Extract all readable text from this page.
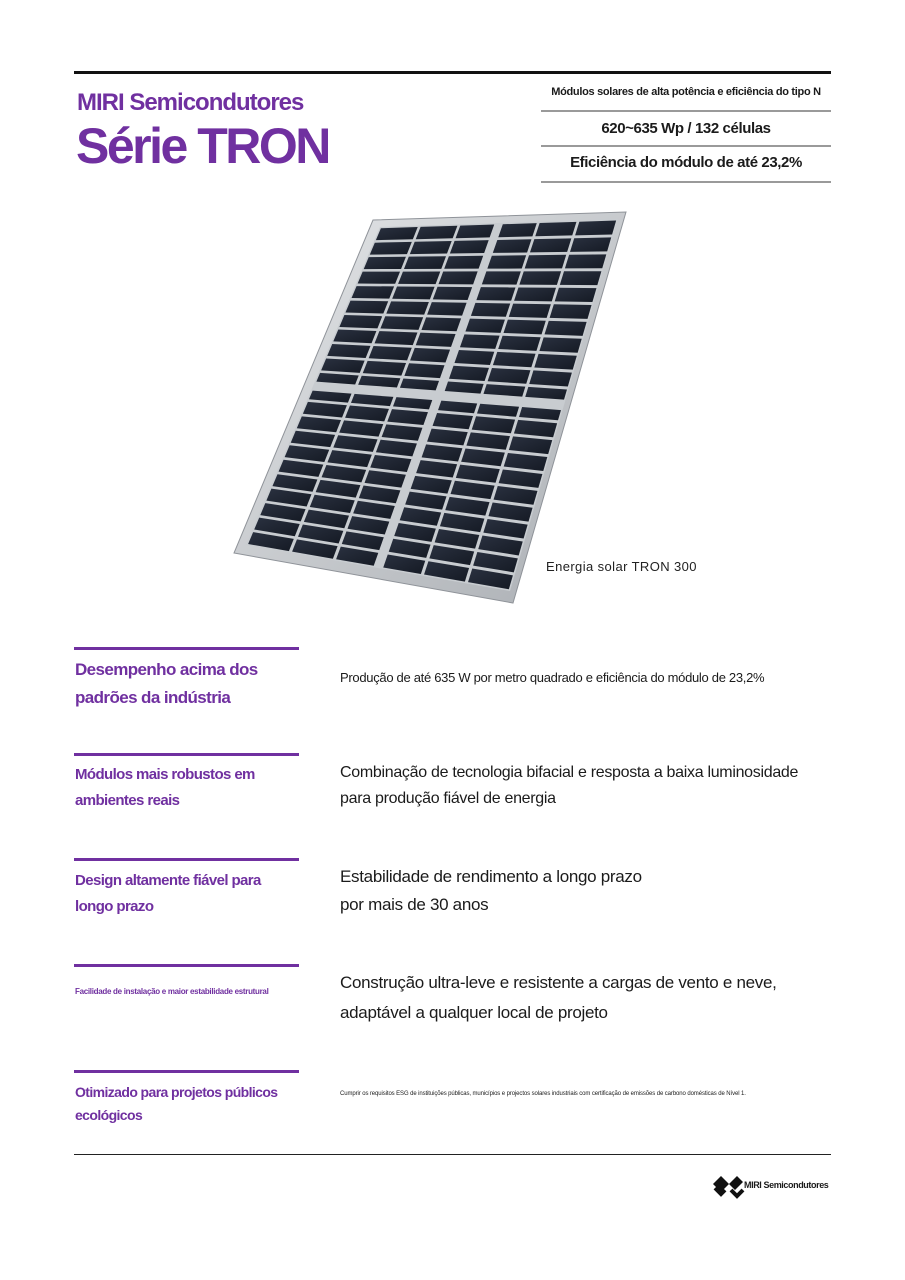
MIRI Semicondutores
Série TRON
Módulos solares de alta potência e eficiência do tipo N
620~635 Wp / 132 células
Eficiência do módulo de até 23,2%
Energia solar TRON 300
Desempenho acima dos
padrões da indústria
Produção de até 635 W por metro quadrado e eficiência do módulo de 23,2%
Módulos mais robustos em
ambientes reais
Combinação de tecnologia bifacial e resposta a baixa luminosidade
para produção fiável de energia
Design altamente fiável para
longo prazo
Estabilidade de rendimento a longo prazo
por mais de 30 anos
Facilidade de instalação e maior estabilidade estrutural	Construção ultra-leve e resistente a cargas de vento e neve,
adaptável a qualquer local de projeto
Otimizado para projetos públicos
ecológicos
Cumprir os requisitos ESG de instituições públicas, municípios e projectos solares industriais com certificação de emissões de carbono domésticas de Nível 1.
MIRI Semicondutores
